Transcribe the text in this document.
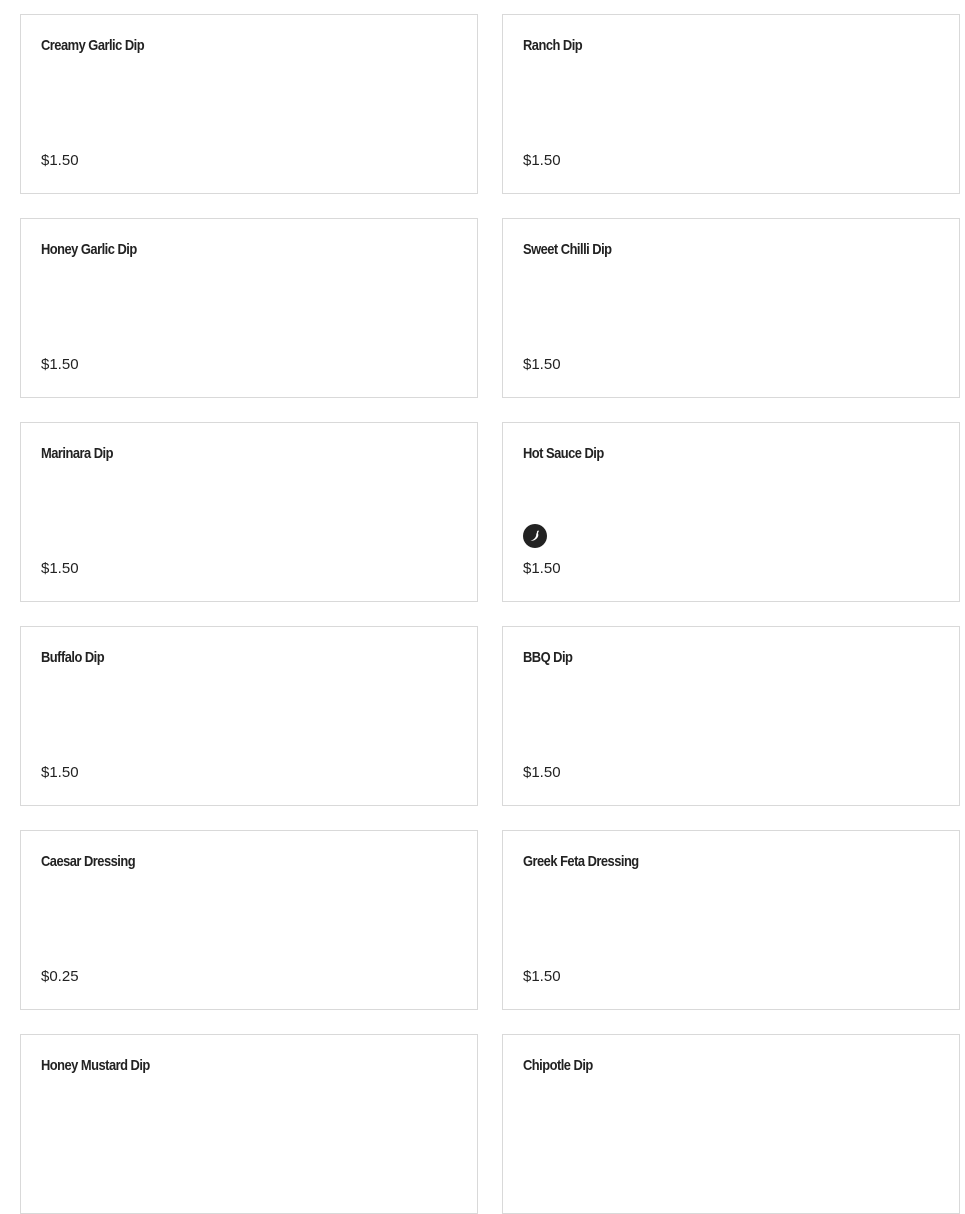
Creamy Garlic Dip
$1.50
Ranch Dip
$1.50
Honey Garlic Dip
$1.50
Sweet Chilli Dip
$1.50
Marinara Dip
$1.50
Hot Sauce Dip
$1.50
Buffalo Dip
$1.50
BBQ Dip
$1.50
Caesar Dressing
$0.25
Greek Feta Dressing
$1.50
Honey Mustard Dip	Chipotle Dip
